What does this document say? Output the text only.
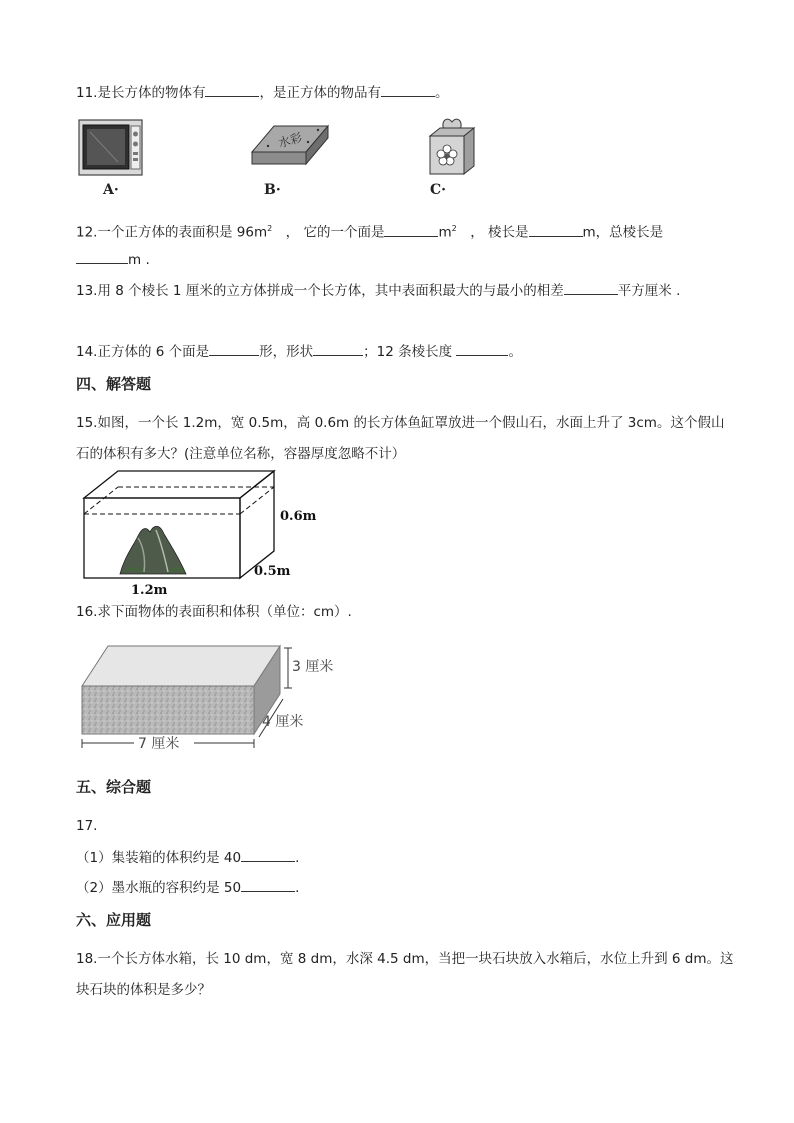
11.是长方体的物体有	，是正方体的物品有	。
A·
水彩
B·	C·
12.一个正方体的表面积是 $96m^2$　， 它的一个面是	$m^2$　， 棱长是	m，总棱长是
m .
13.用 8 个棱长 1 厘米的立方体拼成一个长方体，其中表面积最大的与最小的相差	平方厘米 .
14.正方体的 6 个面是	形，形状	；12 条棱长度	。
四、解答题
15.如图，一个长 1.2m，宽 0.5m，高 0.6m 的长方体鱼缸罩放进一个假山石，水面上升了 3cm。这个假山
石的体积有多大？(注意单位名称，容器厚度忽略不计）
0.6m
0.5m
1.2m
16.求下面物体的表面积和体积（单位：cm）.
3 厘米
4 厘米
7 厘米
五、综合题
17.
（1）集装箱的体积约是 40	.
（2）墨水瓶的容积约是 50	.
六、应用题
18.一个长方体水箱，长 10 dm，宽 8 dm，水深 4.5 dm，当把一块石块放入水箱后，水位上升到 6 dm。这
块石块的体积是多少？
